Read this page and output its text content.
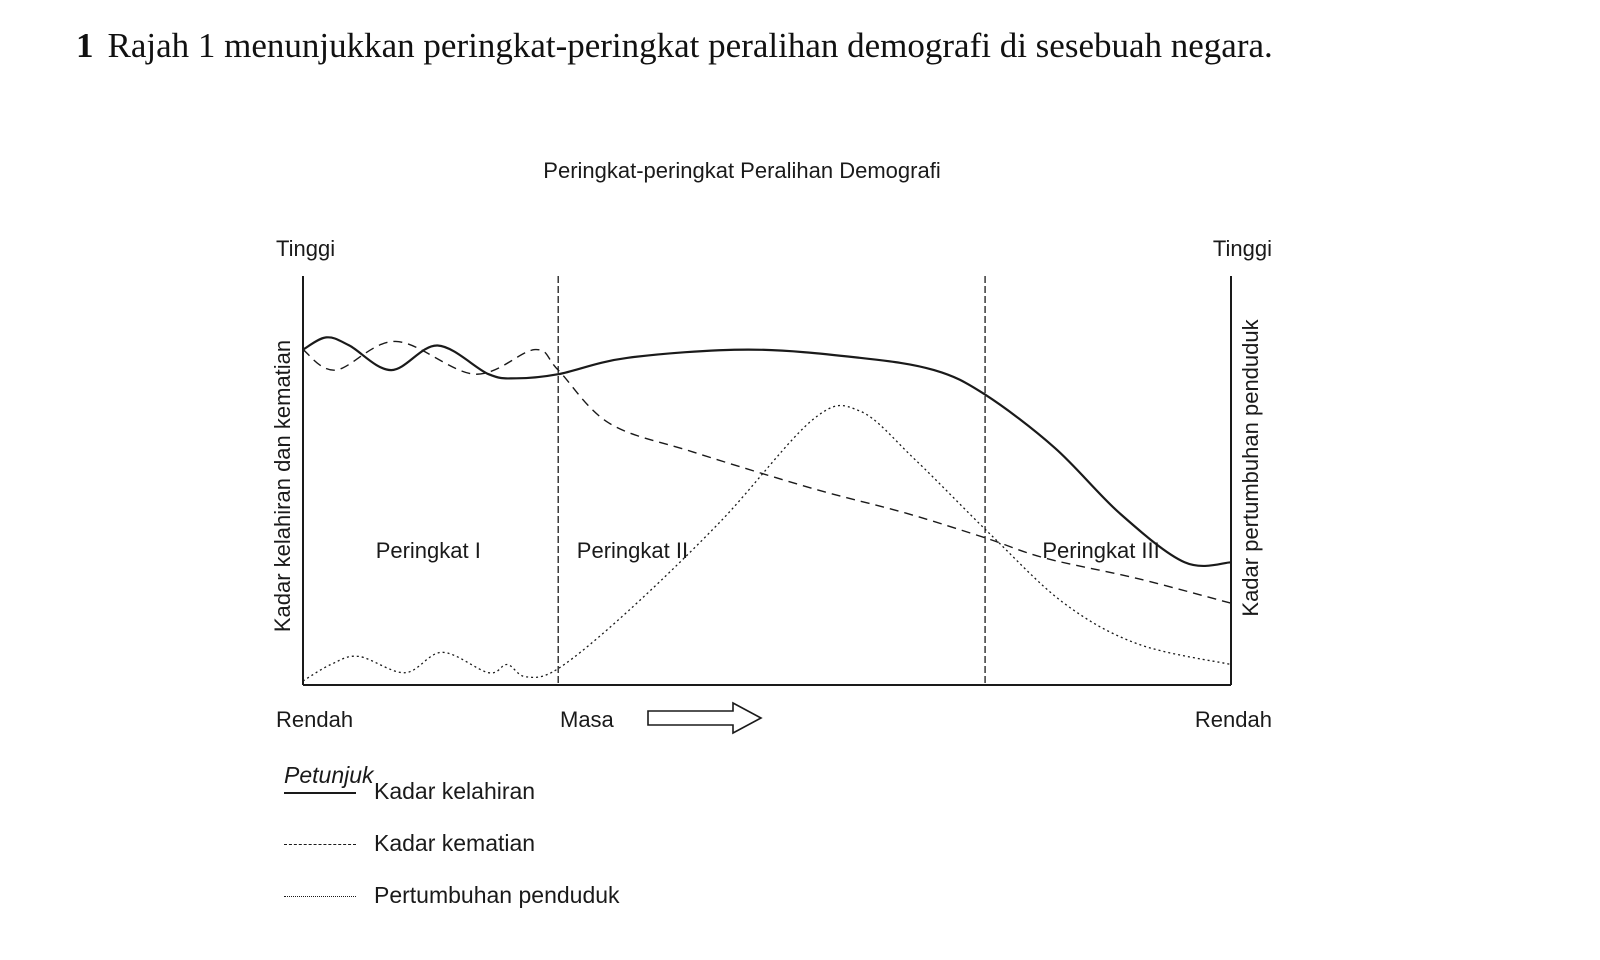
1 Rajah 1 menunjukkan peringkat-peringkat peralihan demografi di sesebuah negara.
Peringkat-peringkat Peralihan Demografi
Tinggi	Tinggi
Rendah	Rendah
Masa
Kadar kelahiran dan kematian	Kadar pertumbuhan penduduk
Peringkat I	Peringkat II	Peringkat III
Petunjuk
Kadar kelahiran
Kadar kematian
Pertumbuhan penduduk
